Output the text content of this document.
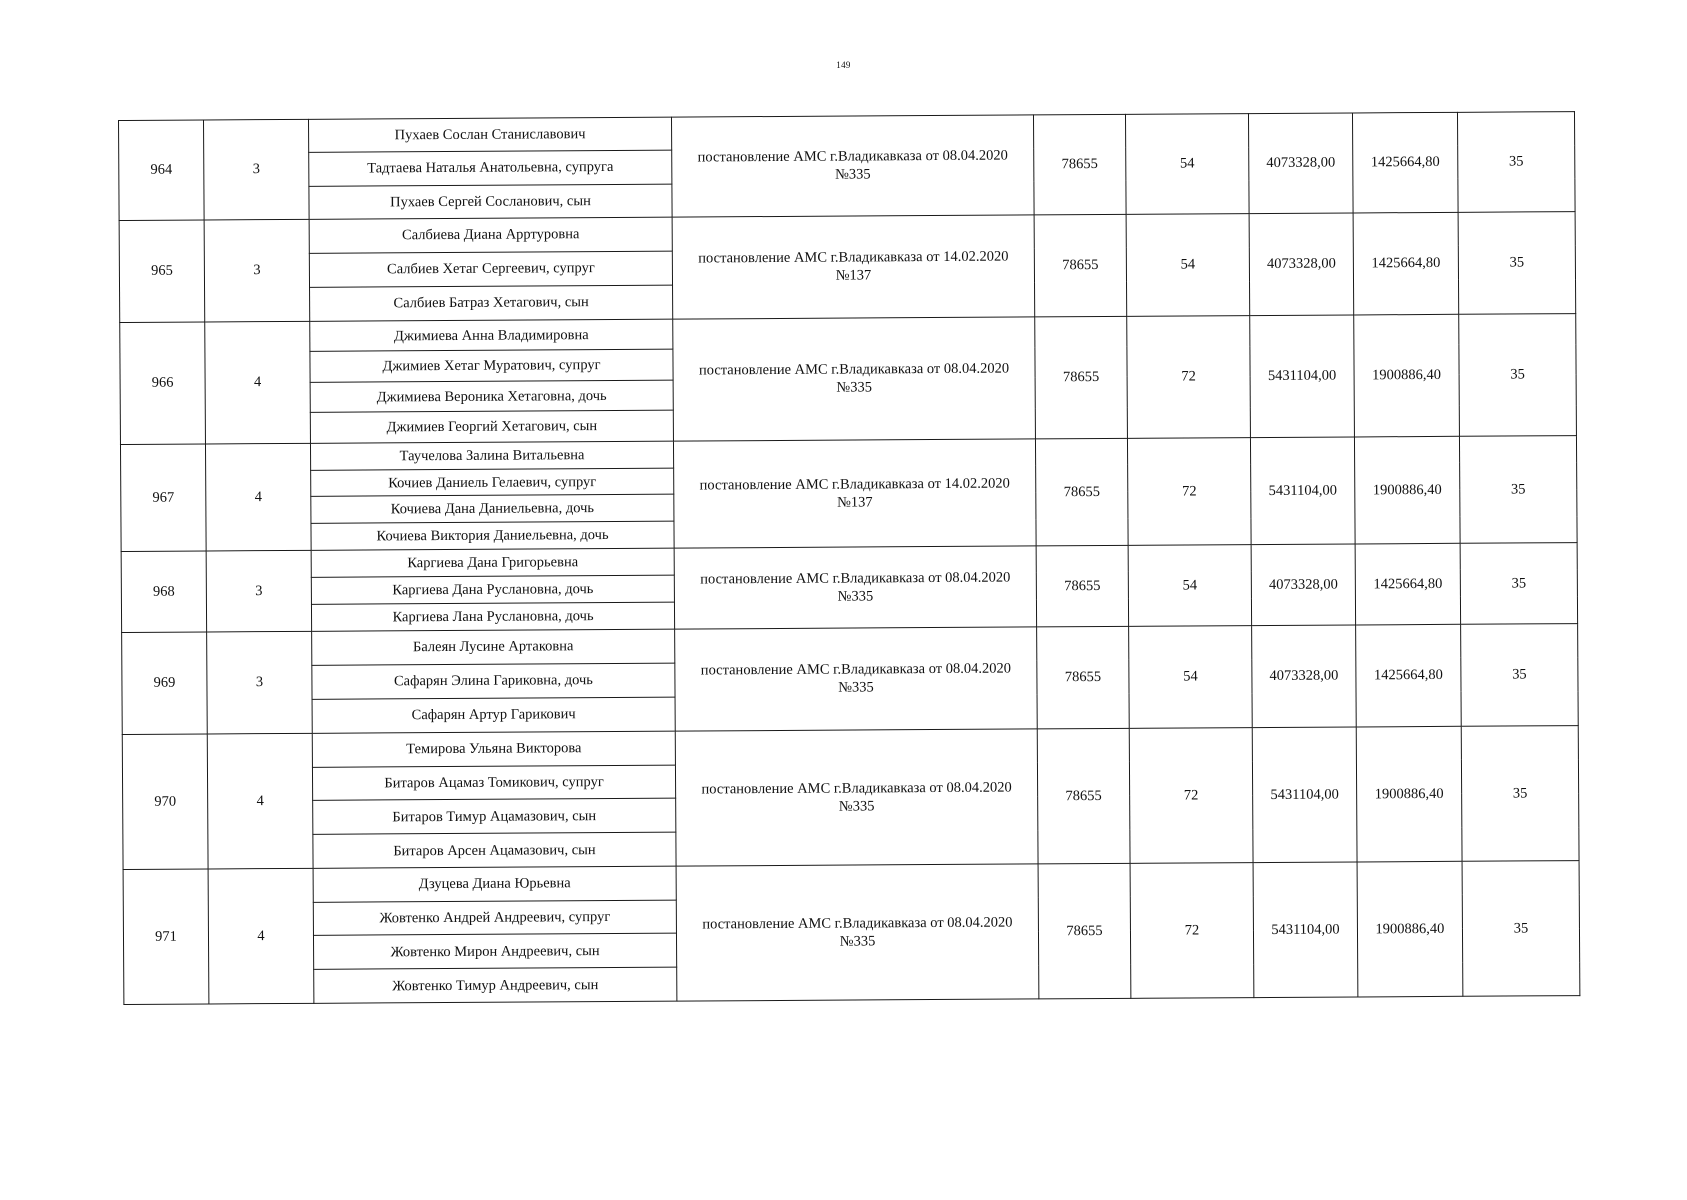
149
964	3	Пухаев Сослан Станиславович	постановление АМС г.Владикавказа от 08.04.2020 №335	78655	54	4073328,00	1425664,80	35
		Тадтаева Наталья Анатольевна, супруга						
		Пухаев Сергей Сосланович, сын						
965	3	Салбиева Диана Арртуровна	постановление АМС г.Владикавказа от 14.02.2020 №137	78655	54	4073328,00	1425664,80	35
		Салбиев Хетаг Сергеевич, супруг						
		Салбиев Батраз Хетагович, сын						
966	4	Джимиева Анна Владимировна	постановление АМС г.Владикавказа от 08.04.2020 №335	78655	72	5431104,00	1900886,40	35
		Джимиев Хетаг Муратович, супруг						
		Джимиева Вероника Хетаговна, дочь						
		Джимиев Георгий Хетагович, сын						
967	4	Таучелова Залина Витальевна	постановление АМС г.Владикавказа от 14.02.2020 №137	78655	72	5431104,00	1900886,40	35
		Кочиев Даниель Гелаевич, супруг						
		Кочиева Дана Даниельевна, дочь						
		Кочиева Виктория Даниельевна, дочь						
968	3	Каргиева Дана Григорьевна	постановление АМС г.Владикавказа от 08.04.2020 №335	78655	54	4073328,00	1425664,80	35
		Каргиева Дана Руслановна, дочь						
		Каргиева Лана Руслановна, дочь						
969	3	Балеян Лусине Артаковна	постановление АМС г.Владикавказа от 08.04.2020 №335	78655	54	4073328,00	1425664,80	35
		Сафарян Элина Гариковна, дочь						
		Сафарян Артур Гарикович						
970	4	Темирова Ульяна Викторова	постановление АМС г.Владикавказа от 08.04.2020 №335	78655	72	5431104,00	1900886,40	35
		Битаров Ацамаз Томикович, супруг						
		Битаров Тимур Ацамазович, сын						
		Битаров Арсен Ацамазович, сын						
971	4	Дзуцева Диана Юрьевна	постановление АМС г.Владикавказа от 08.04.2020 №335	78655	72	5431104,00	1900886,40	35
		Жовтенко Андрей Андреевич, супруг						
		Жовтенко Мирон Андреевич, сын						
		Жовтенко Тимур Андреевич, сын						
